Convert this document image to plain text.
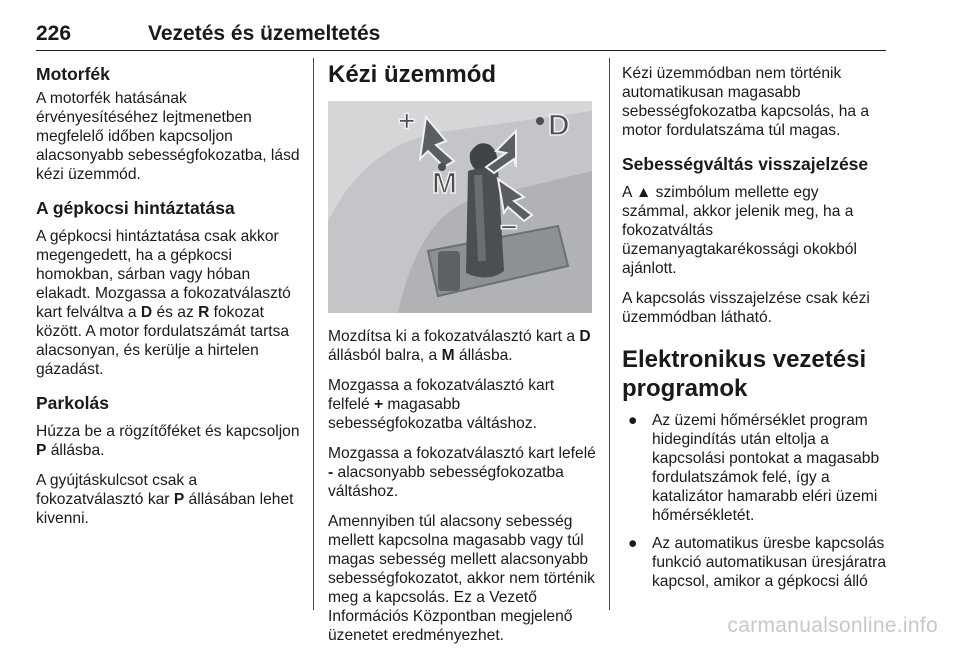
226	Vezetés és üzemeltetés
Motorfék

A motorfék hatásának érvényesítéséhez lejtmenetben megfelelő időben kapcsoljon alacsonyabb sebességfokozatba, lásd kézi üzemmód.

A gépkocsi hintáztatása

A gépkocsi hintáztatása csak akkor megengedett, ha a gépkocsi homokban, sárban vagy hóban elakadt. Mozgassa a fokozatválasztó kart felváltva a D és az R fokozat között. A motor fordulatszámát tartsa alacsonyan, és kerülje a hirtelen gázadást.

Parkolás

Húzza be a rögzítőféket és kapcsoljon P állásba.

A gyújtáskulcsot csak a fokozatválasztó kar P állásában lehet kivenni.

Kézi üzemmód
+	D
M
−

Mozdítsa ki a fokozatválasztó kart a D állásból balra, a M állásba.

Mozgassa a fokozatválasztó kart felfelé + magasabb sebességfokozatba váltáshoz.

Mozgassa a fokozatválasztó kart lefelé - alacsonyabb sebességfokozatba váltáshoz.

Amennyiben túl alacsony sebesség mellett kapcsolna magasabb vagy túl magas sebesség mellett alacsonyabb sebességfokozatot, akkor nem történik meg a kapcsolás. Ez a Vezető Információs Központban megjelenő üzenetet eredményezhet.

Kézi üzemmódban nem történik automatikusan magasabb sebességfokozatba kapcsolás, ha a motor fordulatszáma túl magas.

Sebességváltás visszajelzése

A ▲ szimbólum mellette egy számmal, akkor jelenik meg, ha a fokozatváltás üzemanyagtakarékossági okokból ajánlott.

A kapcsolás visszajelzése csak kézi üzemmódban látható.

Elektronikus vezetési programok
● Az üzemi hőmérséklet program hidegindítás után eltolja a kapcsolási pontokat a magasabb fordulatszámok felé, így a katalizátor hamarabb eléri üzemi hőmérsékletét.
● Az automatikus üresbe kapcsolás funkció automatikusan üresjáratra kapcsol, amikor a gépkocsi álló
carmanualsonline.info
